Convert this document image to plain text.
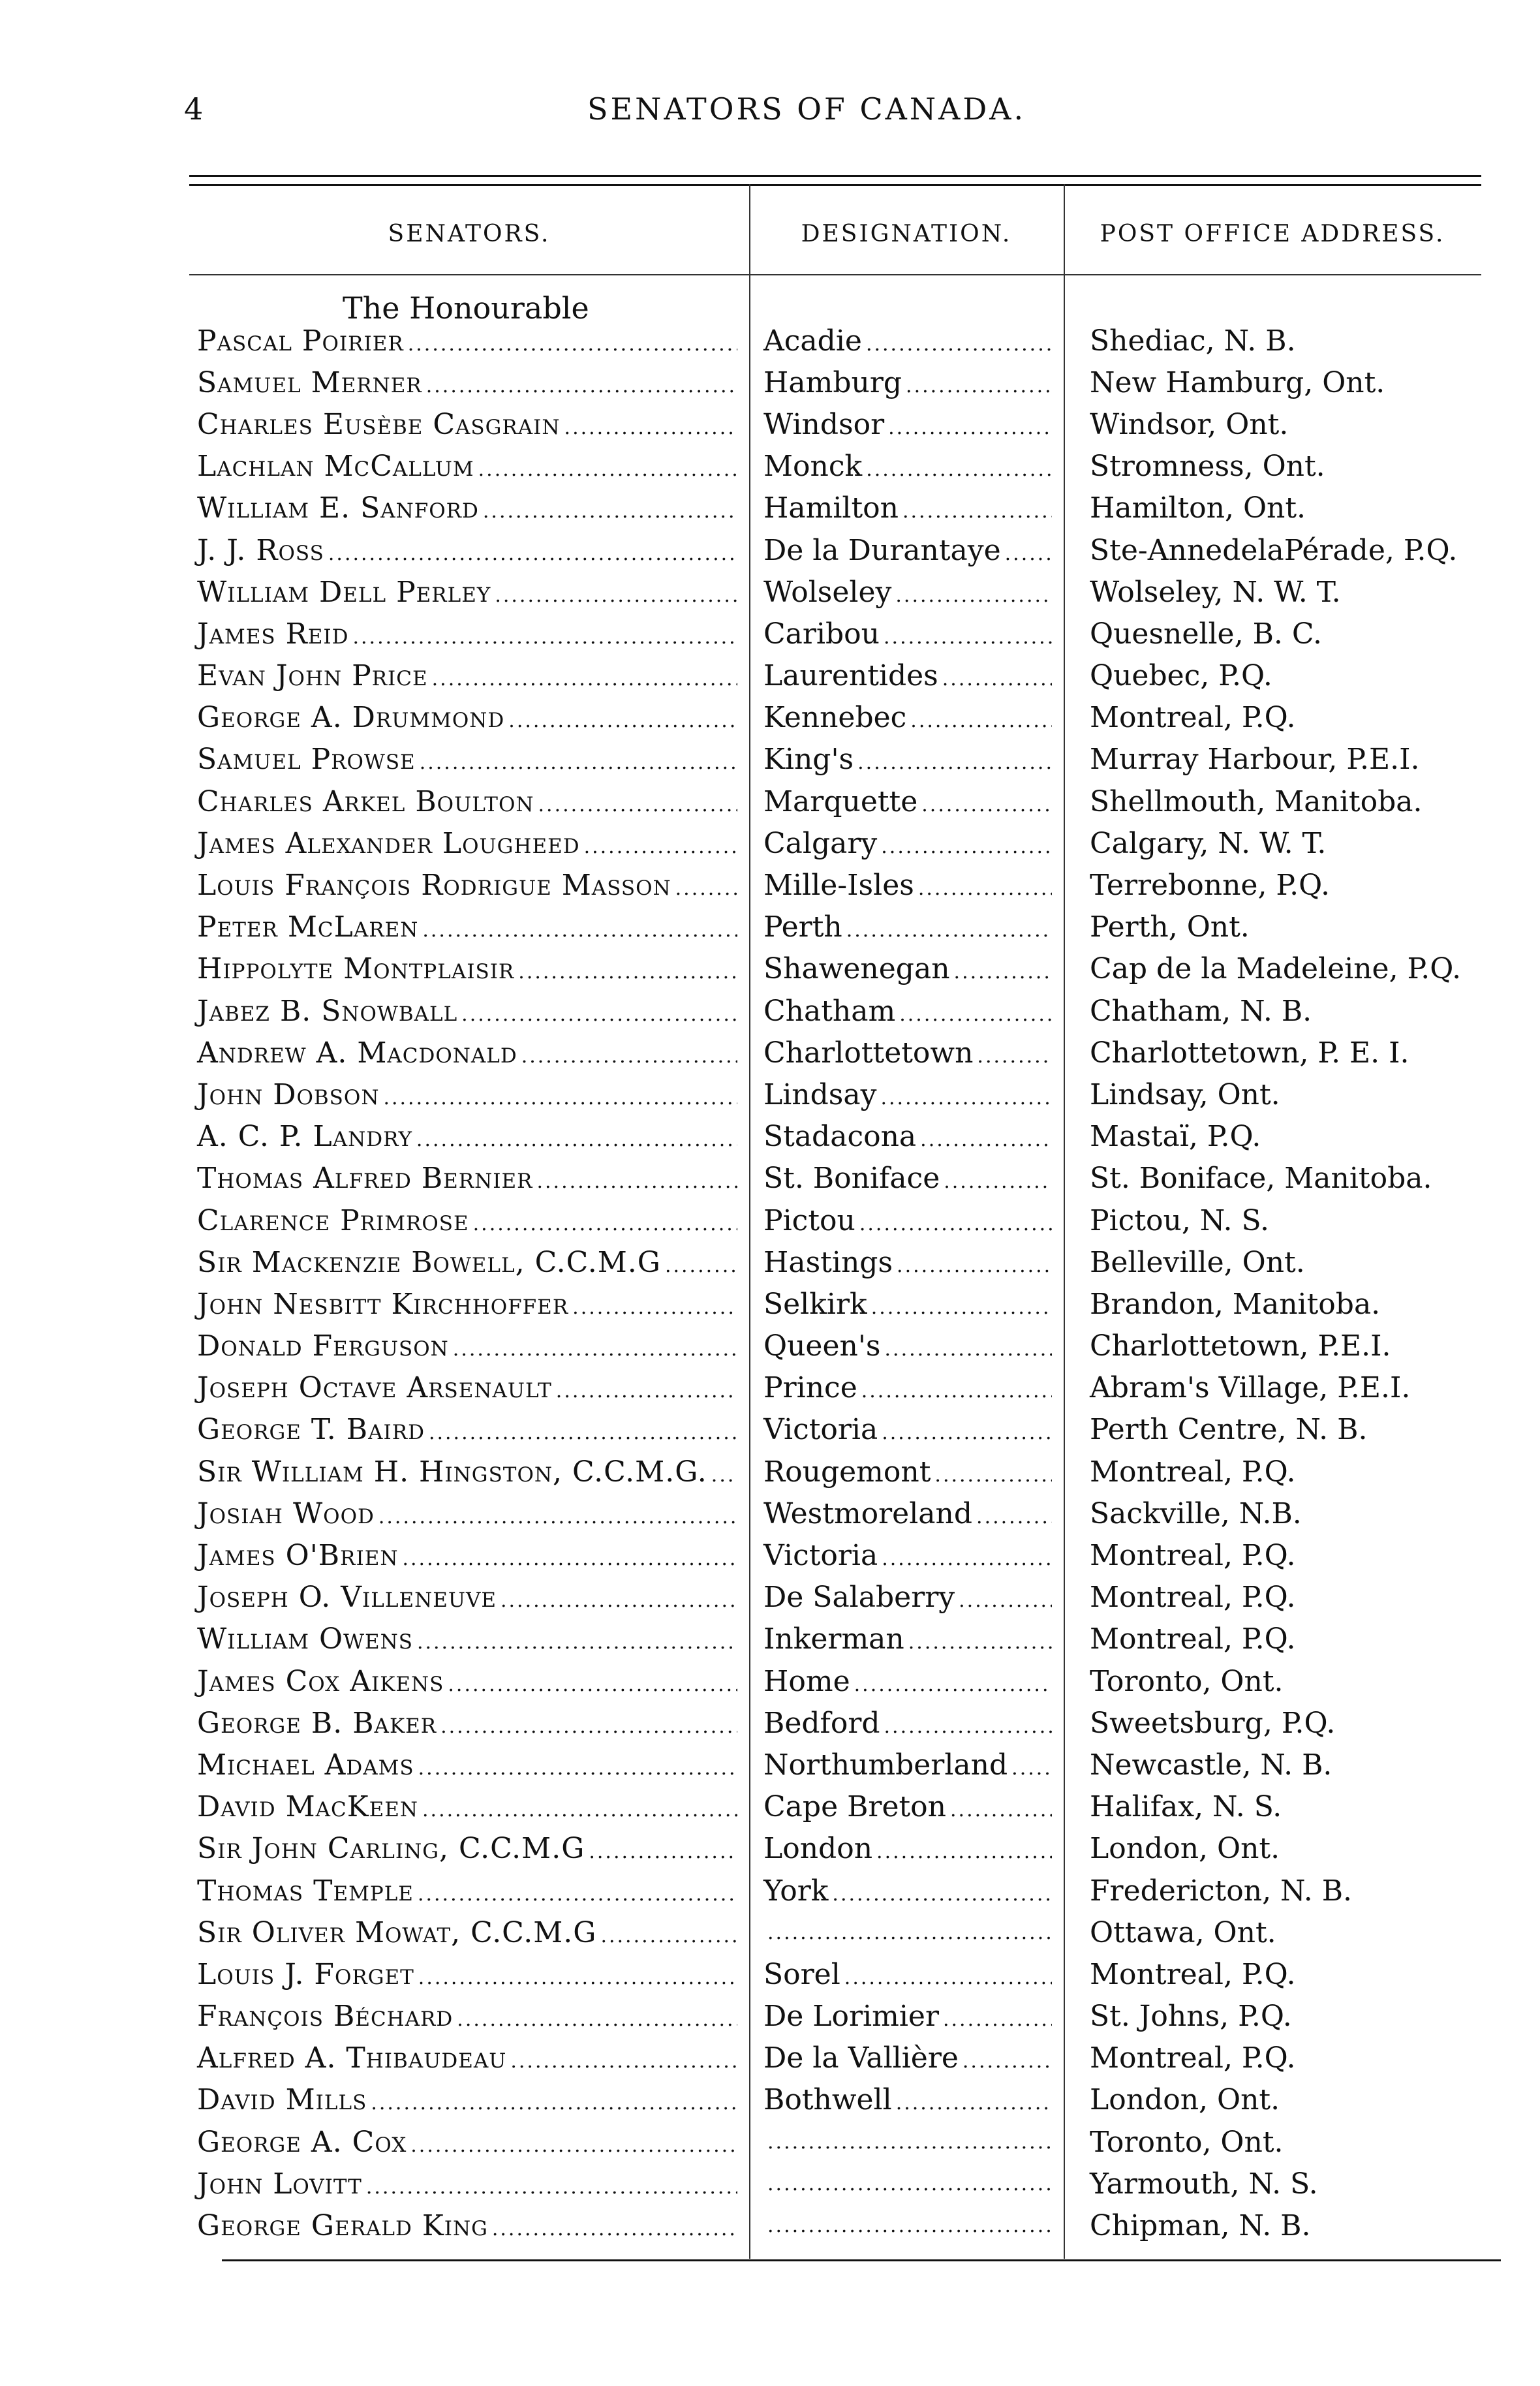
4	SENATORS OF CANADA.
SENATORS.	DESIGNATION.	POST OFFICE ADDRESS.
The Honourable
Pascal Poirier .....	Acadie .....	Shediac, N. B.
Samuel Merner .....	Hamburg .....	New Hamburg, Ont.
Charles Eusèbe Casgrain .....	Windsor .....	Windsor, Ont.
Lachlan McCallum .....	Monck .....	Stromness, Ont.
William E. Sanford .....	Hamilton .....	Hamilton, Ont.
J. J. Ross .....	De la Durantaye .....	Ste-AnnedelaPérade, P.Q.
William Dell Perley .....	Wolseley .....	Wolseley, N. W. T.
James Reid .....	Caribou .....	Quesnelle, B. C.
Evan John Price .....	Laurentides .....	Quebec, P.Q.
George A. Drummond .....	Kennebec .....	Montreal, P.Q.
Samuel Prowse .....	King's .....	Murray Harbour, P.E.I.
Charles Arkel Boulton .....	Marquette .....	Shellmouth, Manitoba.
James Alexander Lougheed .....	Calgary .....	Calgary, N. W. T.
Louis François Rodrigue Masson .....	Mille-Isles .....	Terrebonne, P.Q.
Peter McLaren .....	Perth .....	Perth, Ont.
Hippolyte Montplaisir .....	Shawenegan .....	Cap de la Madeleine, P.Q.
Jabez B. Snowball .....	Chatham .....	Chatham, N. B.
Andrew A. Macdonald .....	Charlottetown .....	Charlottetown, P. E. I.
John Dobson .....	Lindsay .....	Lindsay, Ont.
A. C. P. Landry .....	Stadacona .....	Mastaï, P.Q.
Thomas Alfred Bernier .....	St. Boniface .....	St. Boniface, Manitoba.
Clarence Primrose .....	Pictou .....	Pictou, N. S.
Sir Mackenzie Bowell, C.C.M.G .....	Hastings .....	Belleville, Ont.
John Nesbitt Kirchhoffer .....	Selkirk .....	Brandon, Manitoba.
Donald Ferguson .....	Queen's .....	Charlottetown, P.E.I.
Joseph Octave Arsenault .....	Prince .....	Abram's Village, P.E.I.
George T. Baird .....	Victoria .....	Perth Centre, N. B.
Sir William H. Hingston, C.C.M.G. ..... Rougemont .....	Montreal, P.Q.
Josiah Wood .....	Westmoreland .....	Sackville, N.B.
James O'Brien .....	Victoria .....	Montreal, P.Q.
Joseph O. Villeneuve .....	De Salaberry .....	Montreal, P.Q.
William Owens .....	Inkerman .....	Montreal, P.Q.
James Cox Aikens .....	Home .....	Toronto, Ont.
George B. Baker .....	Bedford .....	Sweetsburg, P.Q.
Michael Adams .....	Northumberland .....	Newcastle, N. B.
David MacKeen .....	Cape Breton .....	Halifax, N. S.
Sir John Carling, C.C.M.G .....	London .....	London, Ont.
Thomas Temple .....	York .....	Fredericton, N. B.
Sir Oliver Mowat, C.C.M.G ..... .....	Ottawa, Ont.
Louis J. Forget .....	Sorel .....	Montreal, P.Q.
François Béchard .....	De Lorimier .....	St. Johns, P.Q.
Alfred A. Thibaudeau .....	De la Vallière .....	Montreal, P.Q.
David Mills .....	Bothwell .....	London, Ont.
George A. Cox ..... .....	Toronto, Ont.
John Lovitt ..... .....	Yarmouth, N. S.
George Gerald King ..... .....	Chipman, N. B.
